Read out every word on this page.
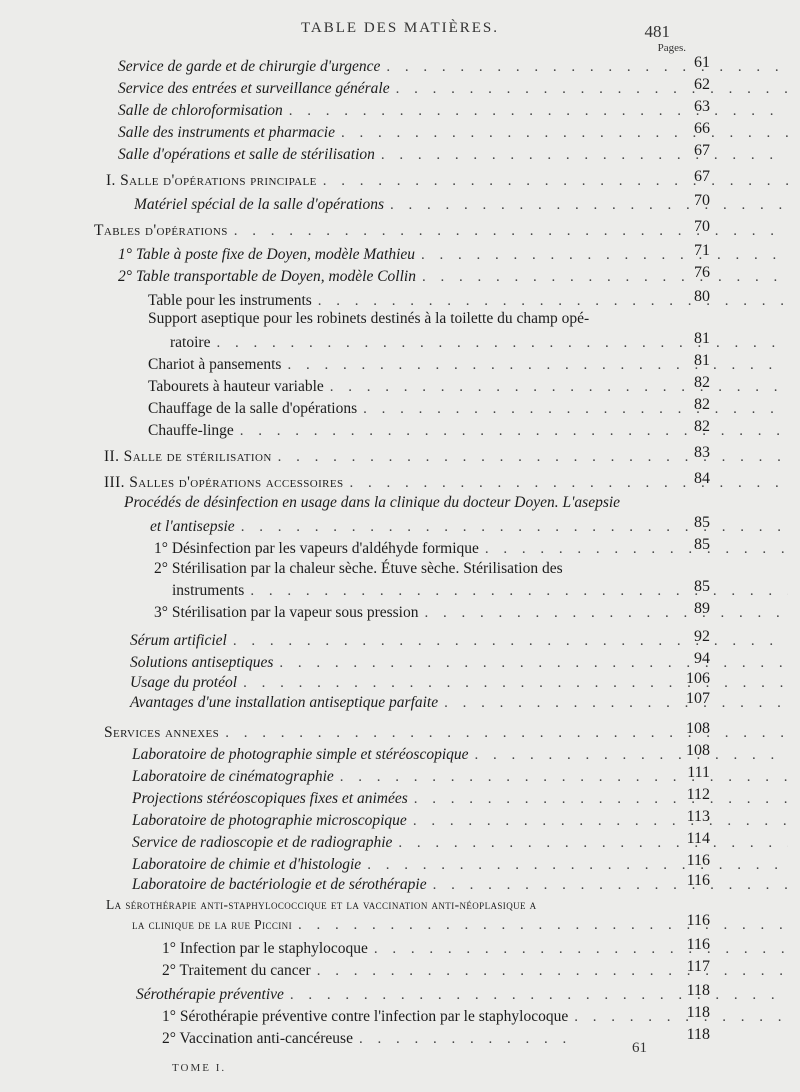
TABLE DES MATIÈRES.	481
Pages.
Service de garde et de chirurgie d'urgence . . .	61
Service des entrées et surveillance générale . . .	62
Salle de chloroformisation . . .	63
Salle des instruments et pharmacie . . .	66
Salle d'opérations et salle de stérilisation . . .	67
I. Salle d'opérations principale . . .	67
Matériel spécial de la salle d'opérations . . .	70
Tables d'opérations . . .	70
1° Table à poste fixe de Doyen, modèle Mathieu . . .	71
2° Table transportable de Doyen, modèle Collin . . .	76
Table pour les instruments . . .	80
Support aseptique pour les robinets destinés à la toilette du champ opé-
ratoire . . .	81
Chariot à pansements . . .	81
Tabourets à hauteur variable . . .	82
Chauffage de la salle d'opérations . . .	82
Chauffe-linge . . .	82
II. Salle de stérilisation . . .	83
III. Salles d'opérations accessoires . . .	84
Procédés de désinfection en usage dans la clinique du docteur Doyen. L'asepsie
et l'antisepsie . . .	85
1° Désinfection par les vapeurs d'aldéhyde formique . . .	85
2° Stérilisation par la chaleur sèche. Étuve sèche. Stérilisation des
instruments . . .	85
3° Stérilisation par la vapeur sous pression . . .	89
Sérum artificiel . . .	92
Solutions antiseptiques . . .	94
Usage du protéol . . .	106
Avantages d'une installation antiseptique parfaite . . .	107
Services annexes . . .	108
Laboratoire de photographie simple et stéréoscopique . . .	108
Laboratoire de cinématographie . . .	111
Projections stéréoscopiques fixes et animées . . .	112
Laboratoire de photographie microscopique . . .	113
Service de radioscopie et de radiographie . . .	114
Laboratoire de chimie et d'histologie . . .	116
Laboratoire de bactériologie et de sérothérapie . . .	116
La sérothérapie anti-staphylococcique et la vaccination anti-néoplasique a
la clinique de la rue Piccini . . .	116
1° Infection par le staphylocoque . . .	116
2° Traitement du cancer . . .	117
Sérothérapie préventive . . .	118
1° Sérothérapie préventive contre l'infection par le staphylocoque . . .	118
2° Vaccination anti-cancéreuse . . .	118
61
TOME I.
